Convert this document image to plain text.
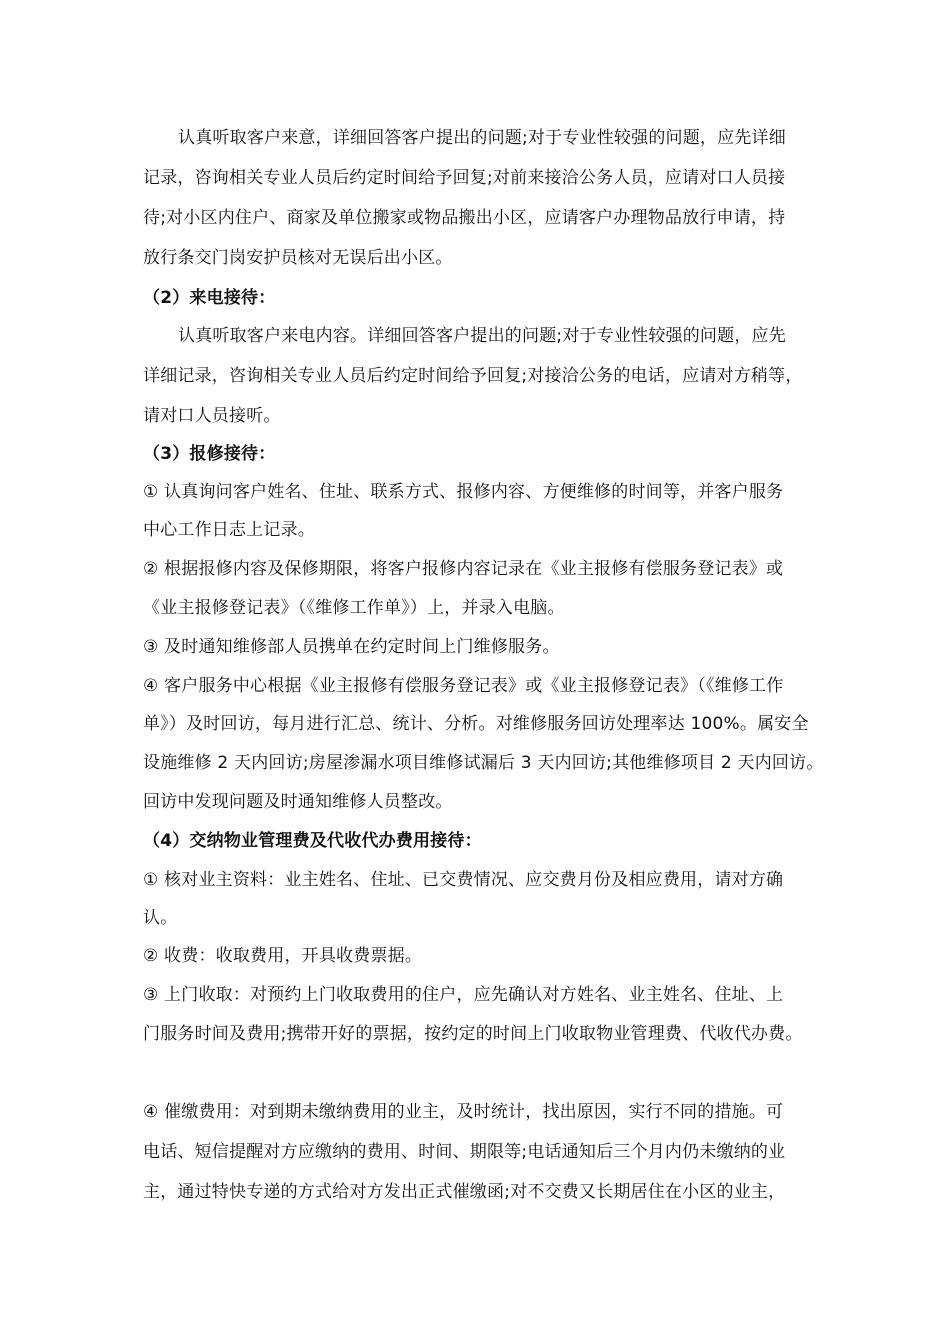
认真听取客户来意，详细回答客户提出的问题;对于专业性较强的问题，应先详细
记录，咨询相关专业人员后约定时间给予回复;对前来接洽公务人员，应请对口人员接
待;对小区内住户、商家及单位搬家或物品搬出小区，应请客户办理物品放行申请，持
放行条交门岗安护员核对无误后出小区。
（2）来电接待：
认真听取客户来电内容。详细回答客户提出的问题;对于专业性较强的问题，应先
详细记录，咨询相关专业人员后约定时间给予回复;对接洽公务的电话，应请对方稍等，
请对口人员接听。
（3）报修接待：
① 认真询问客户姓名、住址、联系方式、报修内容、方便维修的时间等，并客户服务
中心工作日志上记录。
② 根据报修内容及保修期限，将客户报修内容记录在《业主报修有偿服务登记表》或
《业主报修登记表》（《维修工作单》）上，并录入电脑。
③ 及时通知维修部人员携单在约定时间上门维修服务。
④ 客户服务中心根据《业主报修有偿服务登记表》或《业主报修登记表》（《维修工作
单》）及时回访，每月进行汇总、统计、分析。对维修服务回访处理率达 100%。属安全
设施维修 2 天内回访;房屋渗漏水项目维修试漏后 3 天内回访;其他维修项目 2 天内回访。
回访中发现问题及时通知维修人员整改。
（4）交纳物业管理费及代收代办费用接待：
① 核对业主资料：业主姓名、住址、已交费情况、应交费月份及相应费用，请对方确
认。
② 收费：收取费用，开具收费票据。
③ 上门收取：对预约上门收取费用的住户，应先确认对方姓名、业主姓名、住址、上
门服务时间及费用;携带开好的票据，按约定的时间上门收取物业管理费、代收代办费。
④ 催缴费用：对到期未缴纳费用的业主，及时统计，找出原因，实行不同的措施。可
电话、短信提醒对方应缴纳的费用、时间、期限等;电话通知后三个月内仍未缴纳的业
主，通过特快专递的方式给对方发出正式催缴函;对不交费又长期居住在小区的业主，
